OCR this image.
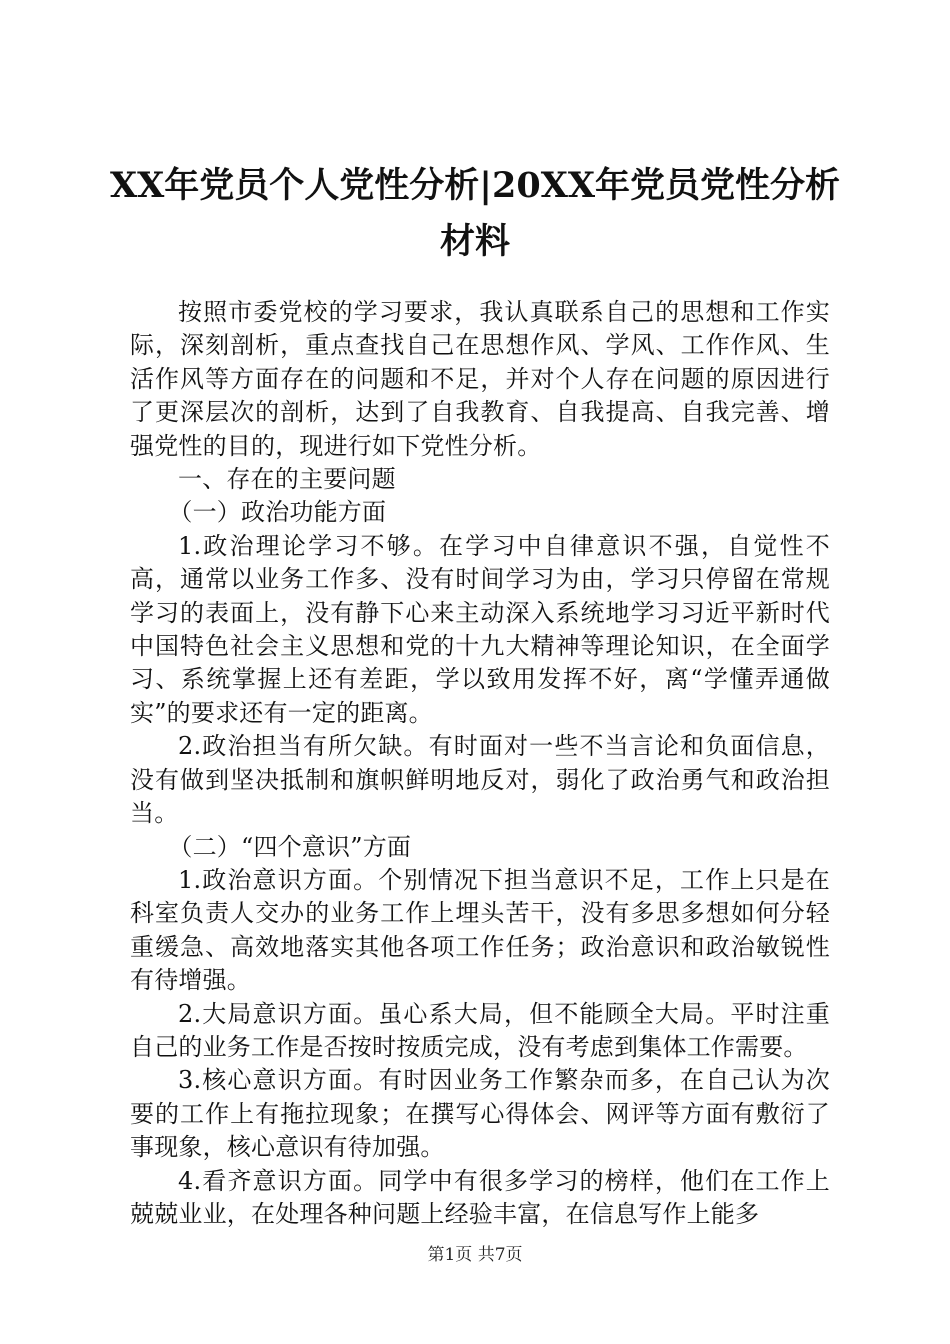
XX年党员个人党性分析|20XX年党员党性分析
材料

按照市委党校的学习要求，我认真联系自己的思想和工作实际，深刻剖析，重点查找自己在思想作风、学风、工作作风、生活作风等方面存在的问题和不足，并对个人存在问题的原因进行了更深层次的剖析，达到了自我教育、自我提高、自我完善、增强党性的目的，现进行如下党性分析。

一、存在的主要问题

（一）政治功能方面

1.政治理论学习不够。在学习中自律意识不强，自觉性不高，通常以业务工作多、没有时间学习为由，学习只停留在常规学习的表面上，没有静下心来主动深入系统地学习习近平新时代中国特色社会主义思想和党的十九大精神等理论知识，在全面学习、系统掌握上还有差距，学以致用发挥不好，离“学懂弄通做实”的要求还有一定的距离。

2.政治担当有所欠缺。有时面对一些不当言论和负面信息，没有做到坚决抵制和旗帜鲜明地反对，弱化了政治勇气和政治担当。

（二）“四个意识”方面

1.政治意识方面。个别情况下担当意识不足，工作上只是在科室负责人交办的业务工作上埋头苦干，没有多思多想如何分轻重缓急、高效地落实其他各项工作任务；政治意识和政治敏锐性有待增强。

2.大局意识方面。虽心系大局，但不能顾全大局。平时注重自己的业务工作是否按时按质完成，没有考虑到集体工作需要。

3.核心意识方面。有时因业务工作繁杂而多，在自己认为次要的工作上有拖拉现象；在撰写心得体会、网评等方面有敷衍了事现象，核心意识有待加强。

4.看齐意识方面。同学中有很多学习的榜样，他们在工作上兢兢业业，在处理各种问题上经验丰富，在信息写作上能多

第1页 共7页
